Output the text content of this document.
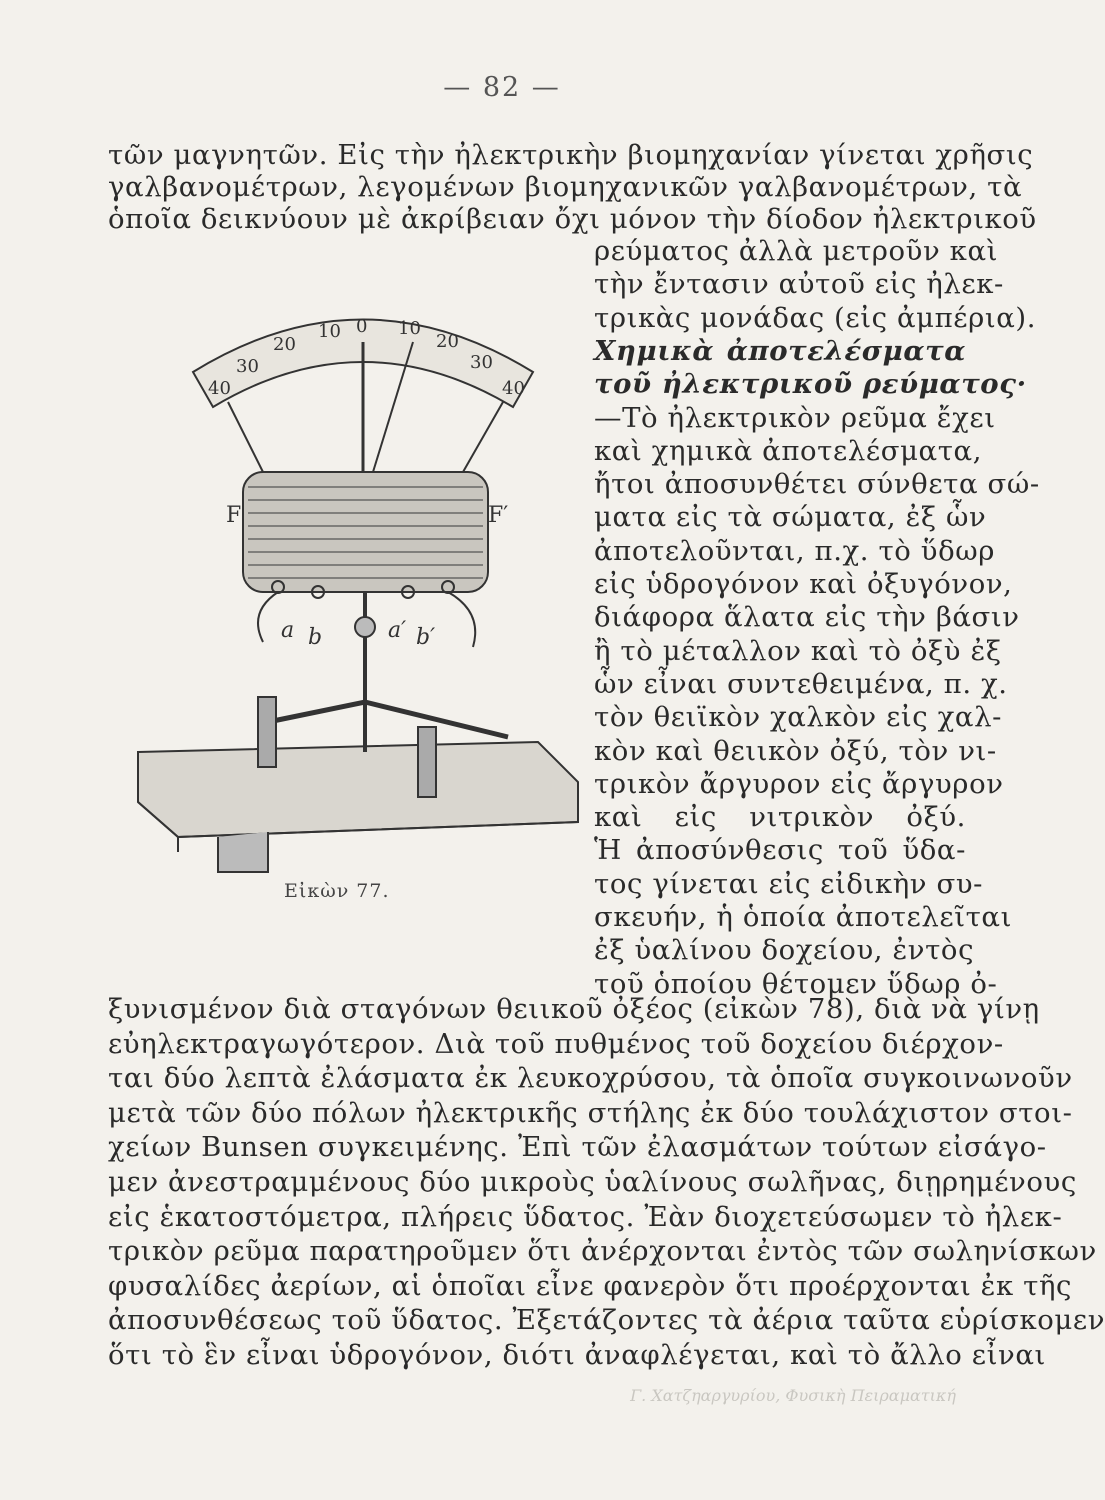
— 82 —
τῶν μαγνητῶν. Εἰς τὴν ἠλεκτρικὴν βιομηχανίαν γίνεται χρῆσις
γαλβανομέτρων, λεγομένων βιομηχανικῶν γαλβανομέτρων, τὰ
ὁποῖα δεικνύουν μὲ ἀκρίβειαν ὄχι μόνον τὴν δίοδον ἠλεκτρικοῦ
ρεύματος ἀλλὰ μετροῦν καὶ
τὴν ἔντασιν αὐτοῦ εἰς ἠλεκ-
τρικὰς μονάδας (εἰς ἀμπέρια).
Χημικὰ ἀποτελέσματα
τοῦ ἠλεκτρικοῦ ρεύματος·
—Τὸ ἠλεκτρικὸν ρεῦμα ἔχει
καὶ χημικὰ ἀποτελέσματα,
ἤτοι ἀποσυνθέτει σύνθετα σώ-
ματα εἰς τὰ σώματα, ἐξ ὧν
ἀποτελοῦνται, π.χ. τὸ ὕδωρ
εἰς ὑδρογόνον καὶ ὀξυγόνον,
διάφορα ἅλατα εἰς τὴν βάσιν
ἢ τὸ μέταλλον καὶ τὸ ὀξὺ ἐξ
ὧν εἶναι συντεθειμένα, π. χ.
τὸν θειϊκὸν χαλκὸν εἰς χαλ-
κὸν καὶ θειικὸν ὀξύ, τὸν νι-
τρικὸν ἄργυρον εἰς ἄργυρον
καὶ εἰς νιτρικὸν ὀξύ.
Ἡ ἀποσύνθεσις τοῦ ὕδα-
τος γίνεται εἰς εἰδικὴν συ-
σκευήν, ἡ ὁποία ἀποτελεῖται
ἐξ ὑαλίνου δοχείου, ἐντὸς
τοῦ ὁποίου θέτομεν ὕδωρ ὀ-
40
30
20
10 0 10
20
30
40
F	F′
a b	a′ b′
Εἰκὼν 77.
ξυνισμένον διὰ σταγόνων θειικοῦ ὀξέος (εἰκὼν 78), διὰ νὰ γίνῃ
εὐηλεκτραγωγότερον. Διὰ τοῦ πυθμένος τοῦ δοχείου διέρχον-
ται δύο λεπτὰ ἐλάσματα ἐκ λευκοχρύσου, τὰ ὁποῖα συγκοινωνοῦν
μετὰ τῶν δύο πόλων ἠλεκτρικῆς στήλης ἐκ δύο τουλάχιστον στοι-
χείων Bunsen συγκειμένης. Ἐπὶ τῶν ἐλασμάτων τούτων εἰσάγο-
μεν ἀνεστραμμένους δύο μικροὺς ὑαλίνους σωλῆνας, διῃρημένους
εἰς ἑκατοστόμετρα, πλήρεις ὕδατος. Ἐὰν διοχετεύσωμεν τὸ ἠλεκ-
τρικὸν ρεῦμα παρατηροῦμεν ὅτι ἀνέρχονται ἐντὸς τῶν σωληνίσκων
φυσαλίδες ἀερίων, αἱ ὁποῖαι εἶνε φανερὸν ὅτι προέρχονται ἐκ τῆς
ἀποσυνθέσεως τοῦ ὕδατος. Ἐξετάζοντες τὰ ἀέρια ταῦτα εὑρίσκομεν
ὅτι τὸ ἓν εἶναι ὑδρογόνον, διότι ἀναφλέγεται, καὶ τὸ ἄλλο εἶναι
Γ. Χατζηαργυρίου, Φυσικὴ Πειραματική
